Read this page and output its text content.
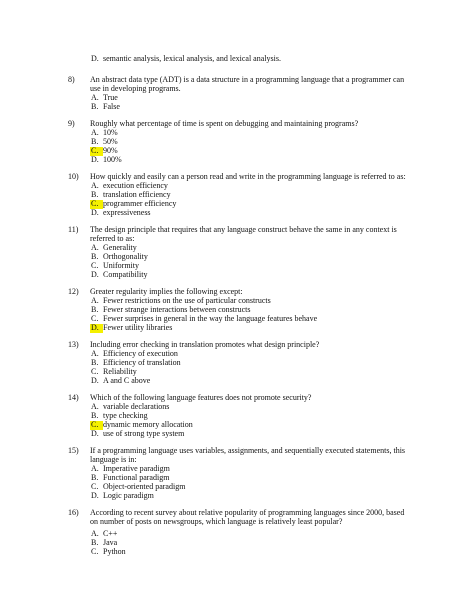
D. semantic analysis, lexical analysis, and lexical analysis.
8)	An abstract data type (ADT) is a data structure in a programming language that a programmer can
use in developing programs.
A. True
B. False
9)	Roughly what percentage of time is spent on debugging and maintaining programs?
A. 10%
B. 50%
C. 90%
D. 100%
10)	How quickly and easily can a person read and write in the programming language is referred to as:
A. execution efficiency
B. translation efficiency
C. programmer efficiency
D. expressiveness
11)	The design principle that requires that any language construct behave the same in any context is
referred to as:
A. Generality
B. Orthogonality
C. Uniformity
D. Compatibility
12)	Greater regularity implies the following except:
A. Fewer restrictions on the use of particular constructs
B. Fewer strange interactions between constructs
C. Fewer surprises in general in the way the language features behave
D. Fewer utility libraries
13)	Including error checking in translation promotes what design principle?
A. Efficiency of execution
B. Efficiency of translation
C. Reliability
D. A and C above
14)	Which of the following language features does not promote security?
A. variable declarations
B. type checking
C. dynamic memory allocation
D. use of strong type system
15)	If a programming language uses variables, assignments, and sequentially executed statements, this
language is in:
A. Imperative paradigm
B. Functional paradigm
C. Object-oriented paradigm
D. Logic paradigm
16)	According to recent survey about relative popularity of programming languages since 2000, based
on number of posts on newsgroups, which language is relatively least popular?
A. C++
B. Java
C. Python
